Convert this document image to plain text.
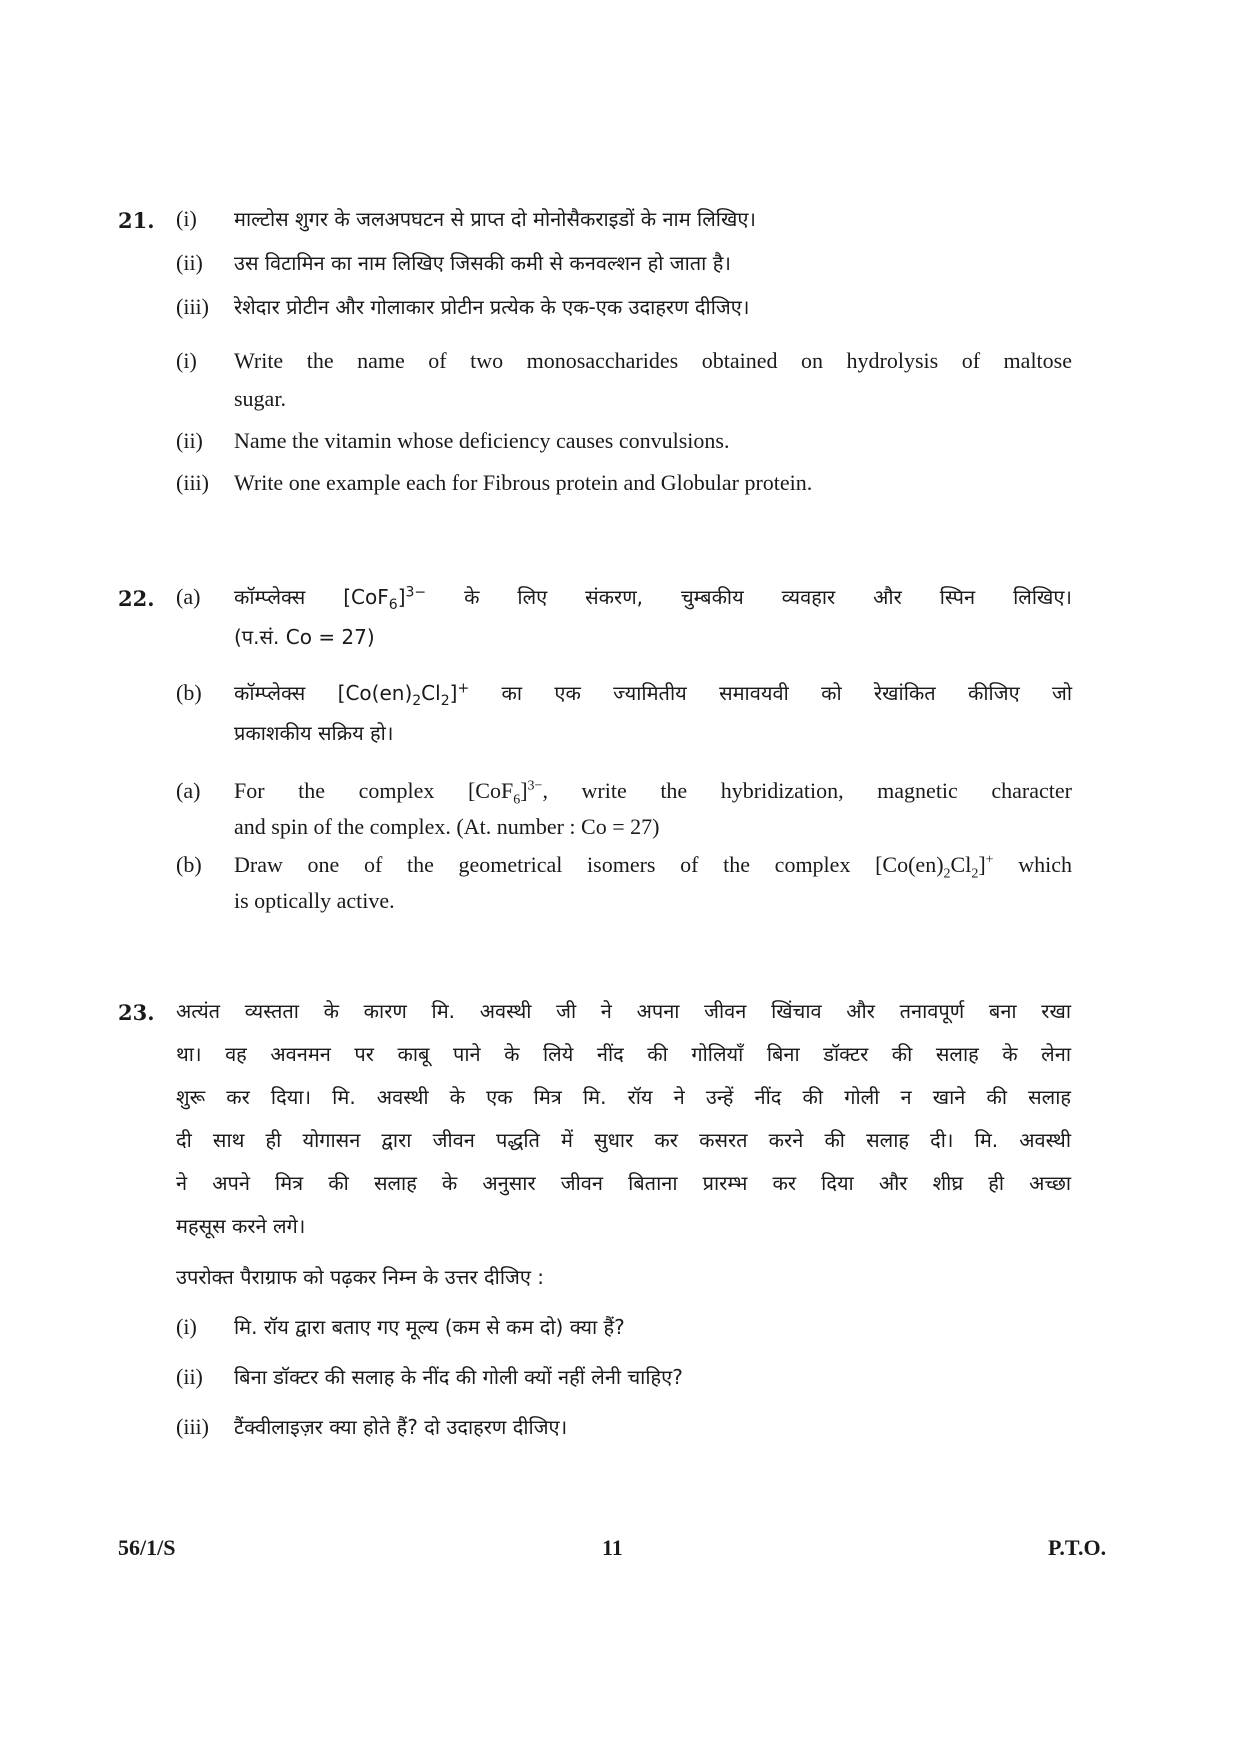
21. (i) माल्टोस शुगर के जलअपघटन से प्राप्त दो मोनोसैकराइडों के नाम लिखिए।
(ii) उस विटामिन का नाम लिखिए जिसकी कमी से कनवल्शन हो जाता है।
(iii) रेशेदार प्रोटीन और गोलाकार प्रोटीन प्रत्येक के एक-एक उदाहरण दीजिए।
(i) Write the name of two monosaccharides obtained on hydrolysis of maltose
sugar.
(ii) Name the vitamin whose deficiency causes convulsions.
(iii) Write one example each for Fibrous protein and Globular protein.
22. (a) कॉम्प्लेक्स $[CoF_6]^{3-}$ के लिए संकरण, चुम्बकीय व्यवहार और स्पिन लिखिए।
(प.सं. Co = 27)
(b) कॉम्प्लेक्स $[Co(en)_2Cl_2]^+$ का एक ज्यामितीय समावयवी को रेखांकित कीजिए जो
प्रकाशकीय सक्रिय हो।
(a) For the complex $[CoF_6]^{3-}$, write the hybridization, magnetic character
and spin of the complex. (At. number : Co = 27)
(b) Draw one of the geometrical isomers of the complex $[Co(en)_2Cl_2]^+$ which
is optically active.
23. अत्यंत व्यस्तता के कारण मि. अवस्थी जी ने अपना जीवन खिंचाव और तनावपूर्ण बना रखा
था। वह अवनमन पर काबू पाने के लिये नींद की गोलियाँ बिना डॉक्टर की सलाह के लेना
शुरू कर दिया। मि. अवस्थी के एक मित्र मि. रॉय ने उन्हें नींद की गोली न खाने की सलाह
दी साथ ही योगासन द्वारा जीवन पद्धति में सुधार कर कसरत करने की सलाह दी। मि. अवस्थी
ने अपने मित्र की सलाह के अनुसार जीवन बिताना प्रारम्भ कर दिया और शीघ्र ही अच्छा
महसूस करने लगे।
उपरोक्त पैराग्राफ को पढ़कर निम्न के उत्तर दीजिए :
(i) मि. रॉय द्वारा बताए गए मूल्य (कम से कम दो) क्या हैं?
(ii) बिना डॉक्टर की सलाह के नींद की गोली क्यों नहीं लेनी चाहिए?
(iii) टैंक्वीलाइज़र क्या होते हैं? दो उदाहरण दीजिए।
56/1/S	11	P.T.O.
